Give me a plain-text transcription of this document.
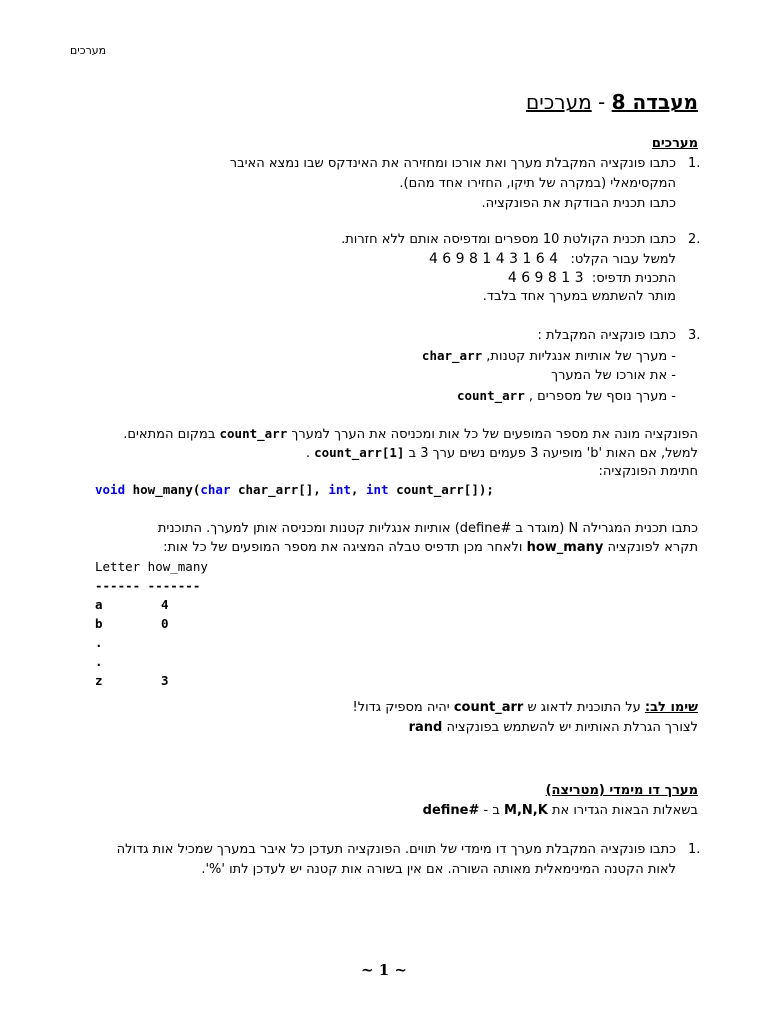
מערכים
מעבדה 8 - מערכים
מערכים
1.
כתבו פונקציה המקבלת מערך ואת אורכו ומחזירה את האינדקס שבו נמצא האיבר
המקסימאלי (במקרה של תיקו, החזירו אחד מהם).
כתבו תכנית הבודקת את הפונקציה.
2.
כתבו תכנית הקולטת 10 מספרים ומדפיסה אותם ללא חזרות.
למשל עבור הקלט:   4 6 9 8 1 4 3 1 6 4
התכנית תדפיס:  4 6 9 8 1 3
מותר להשתמש במערך אחד בלבד.
3.
כתבו פונקציה המקבלת :
- מערך של אותיות אנגליות קטנות, char_arr
- את אורכו של המערך
- מערך נוסף של מספרים , count_arr
הפונקציה מונה את מספר המופעים של כל אות ומכניסה את הערך למערך count_arr במקום המתאים.
למשל, אם האות 'b' מופיעה 3 פעמים נשים ערך 3 ב count_arr[1] .
חתימת הפונקציה:
void how_many(char char_arr[], int, int count_arr[]);
כתבו תכנית המגרילה N (מוגדר ב #define) אותיות אנגליות קטנות ומכניסה אותן למערך. התוכנית
תקרא לפונקציה how_many ולאחר מכן תדפיס טבלה המציגה את מספר המופעים של כל אות:
Letter how_many
------ -------
a	4
b	0
.
.
z	3
שימו לב: על התוכנית לדאוג ש count_arr יהיה מספיק גדול!
לצורך הגרלת האותיות יש להשתמש בפונקציה rand
מערך דו מימדי (מטריצה)
בשאלות הבאות הגדירו את M,N,K ב - define#
1.
כתבו פונקציה המקבלת מערך דו מימדי של תווים. הפונקציה תעדכן כל איבר במערך שמכיל אות גדולה
לאות הקטנה המינימאלית מאותה השורה. אם אין בשורה אות קטנה יש לעדכן לתו '%'.
~ 1 ~
